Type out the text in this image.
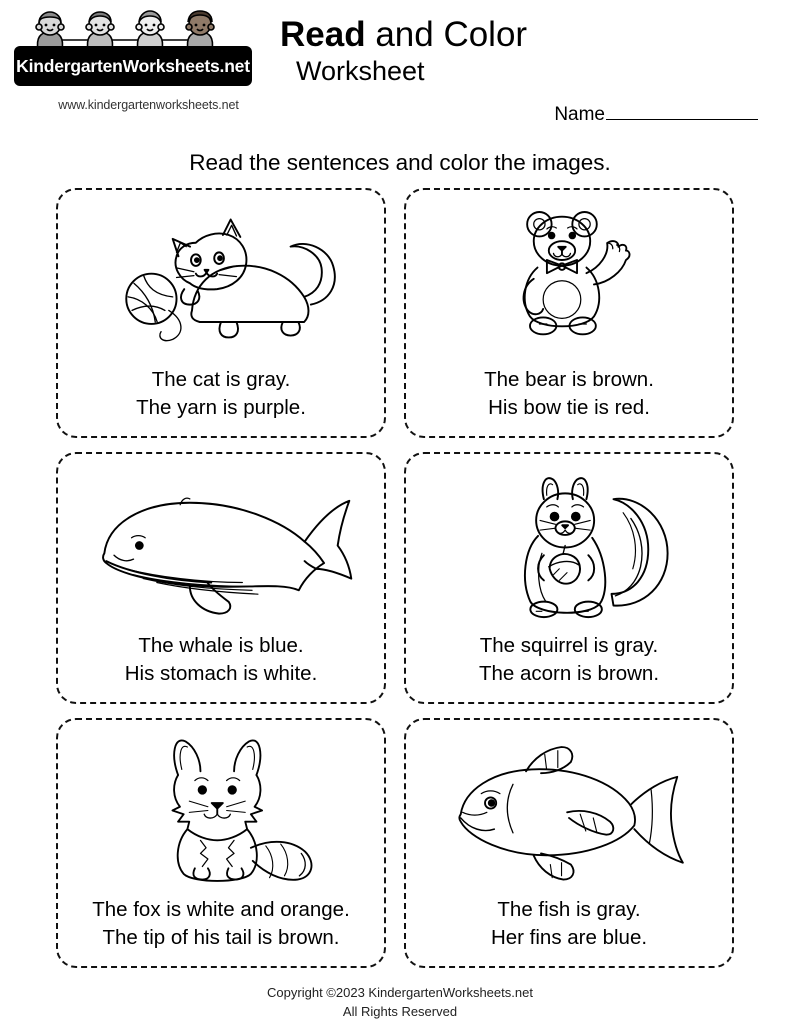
KindergartenWorksheets.net
www.kindergartenworksheets.net
Read and Color
Worksheet
Name
Read the sentences and color the images.
The cat is gray.
The yarn is purple.
The bear is brown.
His bow tie is red.
The whale is blue.
His stomach is white.
The squirrel is gray.
The acorn is brown.
The fox is white and orange.
The tip of his tail is brown.
The fish is gray.
Her fins are blue.
Copyright ©2023 KindergartenWorksheets.net
All Rights Reserved
